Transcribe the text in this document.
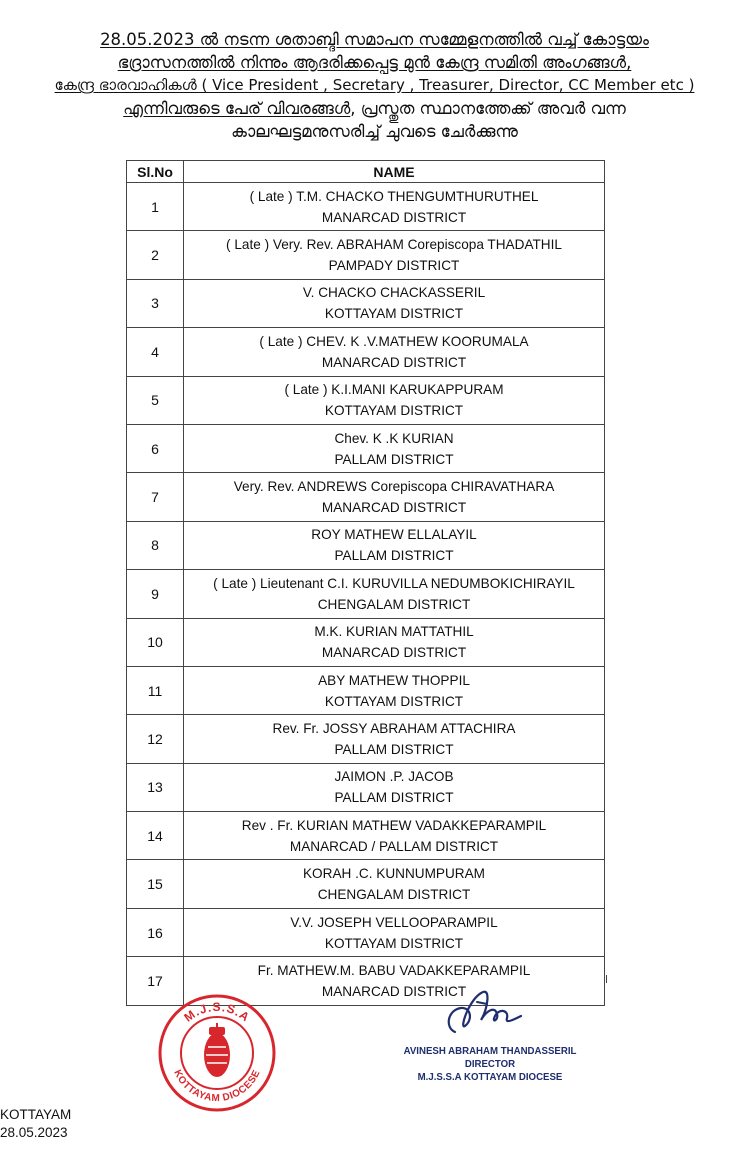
28.05.2023 ൽ നടന്ന ശതാബ്ദി സമാപന സമ്മേളനത്തിൽ വച്ച് കോട്ടയം
ഭദ്രാസനത്തിൽ നിന്നും ആദരിക്കപ്പെട്ട മുൻ കേന്ദ്ര സമിതി അംഗങ്ങൾ,
കേന്ദ്ര ഭാരവാഹികൾ ( Vice President , Secretary , Treasurer, Director, CC Member etc )
എന്നിവരുടെ പേര് വിവരങ്ങൾ, പ്രസ്തുത സ്ഥാനത്തേക്ക് അവർ വന്ന
കാലഘട്ടമനുസരിച്ച് ചുവടെ ചേർക്കുന്നു
Sl.No	NAME
1	( Late ) T.M. CHACKO THENGUMTHURUTHEL
MANARCAD DISTRICT

2	( Late ) Very. Rev. ABRAHAM Corepiscopa THADATHIL
PAMPADY DISTRICT

3	V. CHACKO CHACKASSERIL
KOTTAYAM DISTRICT

4	( Late ) CHEV. K .V.MATHEW KOORUMALA
MANARCAD DISTRICT

5	( Late ) K.I.MANI KARUKAPPURAM
KOTTAYAM DISTRICT

6	Chev. K .K KURIAN
PALLAM DISTRICT

7	Very. Rev. ANDREWS Corepiscopa CHIRAVATHARA
MANARCAD DISTRICT

8	ROY MATHEW ELLALAYIL
PALLAM DISTRICT

9	( Late ) Lieutenant C.I. KURUVILLA NEDUMBOKICHIRAYIL
CHENGALAM DISTRICT

10	M.K. KURIAN MATTATHIL
MANARCAD DISTRICT

11	ABY MATHEW THOPPIL
KOTTAYAM DISTRICT

12	Rev. Fr. JOSSY ABRAHAM ATTACHIRA
PALLAM DISTRICT

13	JAIMON .P. JACOB
PALLAM DISTRICT

14	Rev . Fr. KURIAN MATHEW VADAKKEPARAMPIL
MANARCAD / PALLAM DISTRICT

15	KORAH .C. KUNNUMPURAM
CHENGALAM DISTRICT

16	V.V. JOSEPH VELLOOPARAMPIL
KOTTAYAM DISTRICT

17	Fr. MATHEW.M. BABU VADAKKEPARAMPIL
MANARCAD DISTRICT
M.J.S.S.A
KOTTAYAM DIOCESE
AVINESH ABRAHAM THANDASSERIL
DIRECTOR
M.J.S.S.A KOTTAYAM DIOCESE
KOTTAYAM
28.05.2023
